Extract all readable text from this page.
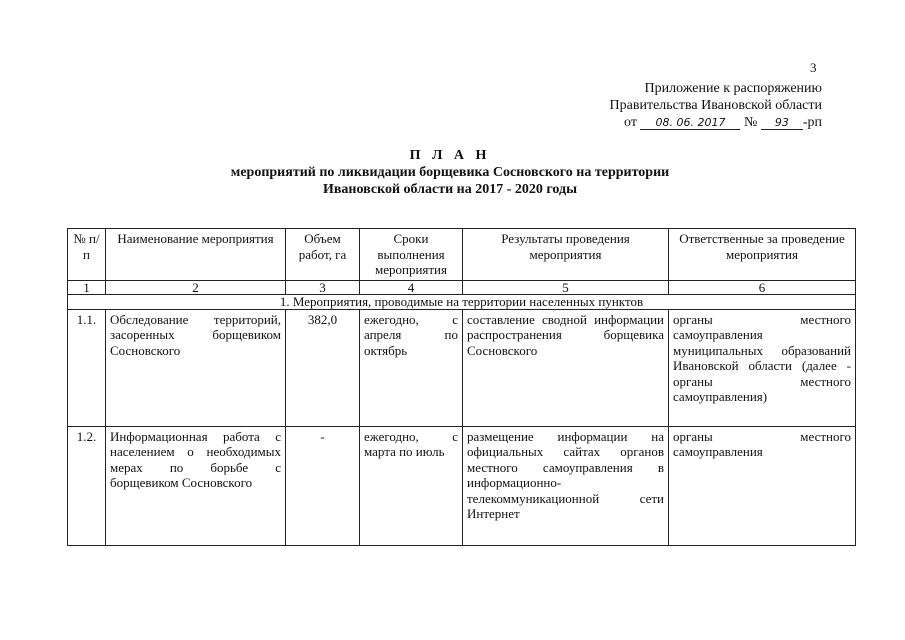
3
Приложение к распоряжению
Правительства Ивановской области
от 08. 06. 2017 № 93 -рп
П Л А Н
мероприятий по ликвидации борщевика Сосновского на территории
Ивановской области на 2017 - 2020 годы
№ п/п	Наименование мероприятия	Объем работ, га	Сроки выполнения мероприятия	Результаты проведения мероприятия	Ответственные за проведение мероприятия
1	2	3	4	5	6
1. Мероприятия, проводимые на территории населенных пунктов					
1.1.	Обследование территорий, засоренных борщевиком Сосновского	382,0	ежегодно, с апреля по октябрь	составление сводной информации распространения борщевика Сосновского	органы местного самоуправления муниципальных образований Ивановской области (далее - органы местного самоуправления)
1.2.	Информационная работа с населением о необходимых мерах по борьбе с борщевиком Сосновского	-	ежегодно, с марта по июль	размещение информации на официальных сайтах органов местного самоуправления в информационно-телекоммуникационной сети Интернет	органы местного самоуправления
